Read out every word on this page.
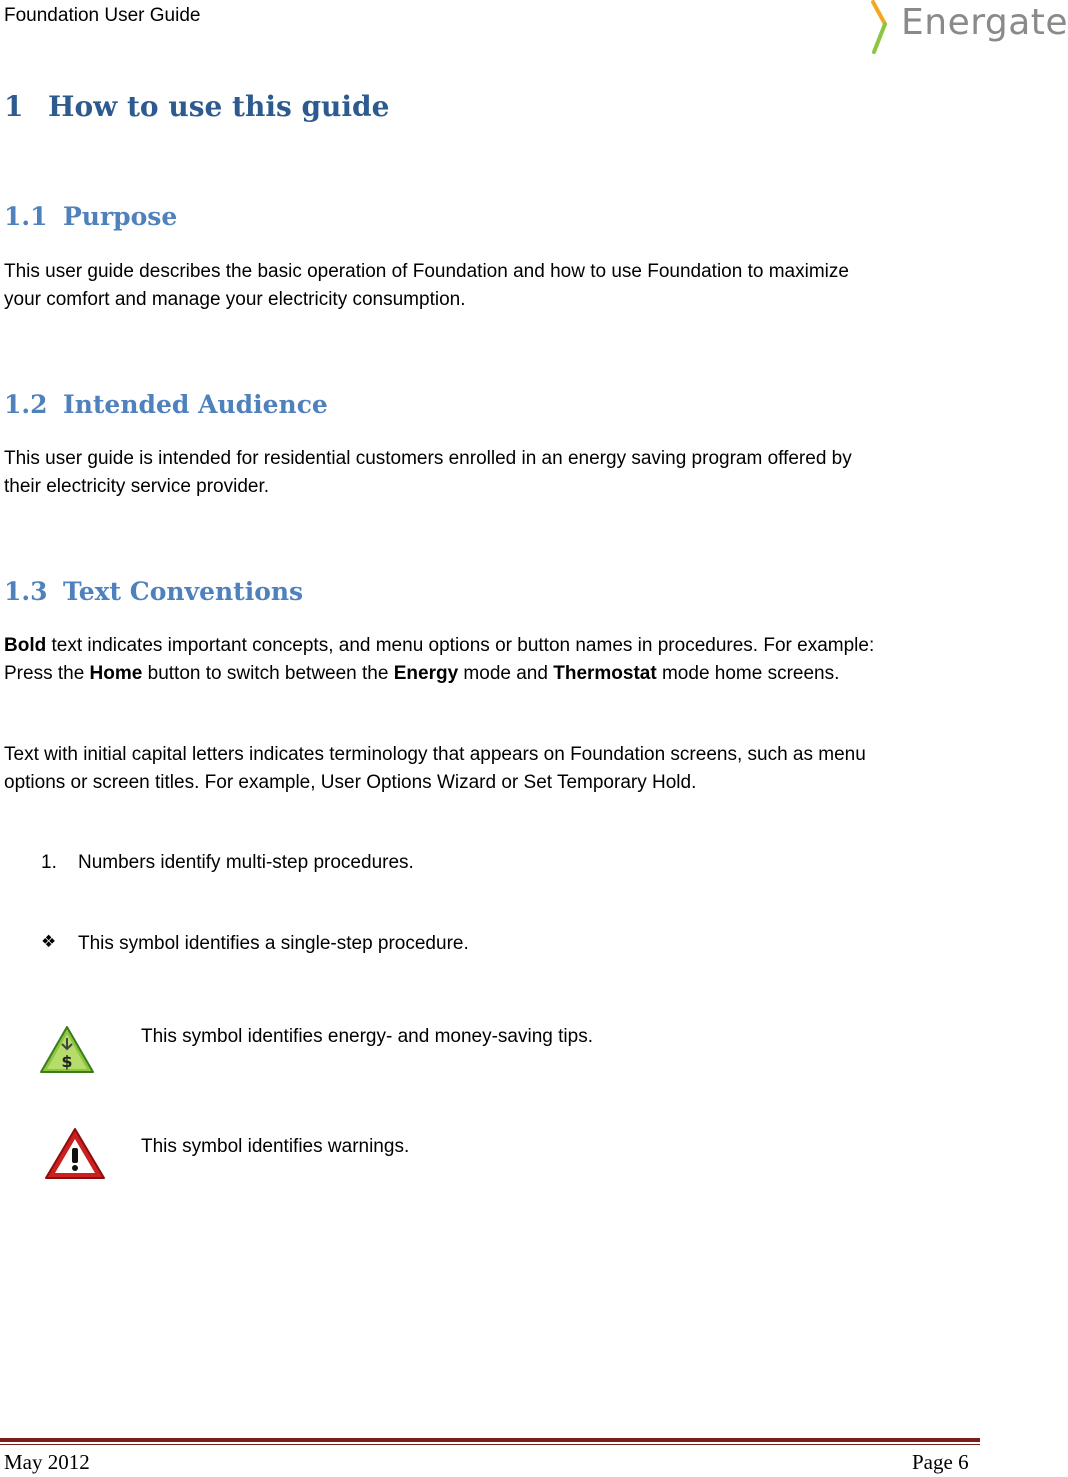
Foundation User Guide	Energate
1 How to use this guide
1.1 Purpose
This user guide describes the basic operation of Foundation and how to use Foundation to maximize
your comfort and manage your electricity consumption.
1.2 Intended Audience
This user guide is intended for residential customers enrolled in an energy saving program offered by
their electricity service provider.
1.3 Text Conventions
Bold text indicates important concepts, and menu options or button names in procedures. For example:
Press the Home button to switch between the Energy mode and Thermostat mode home screens.
Text with initial capital letters indicates terminology that appears on Foundation screens, such as menu
options or screen titles. For example, User Options Wizard or Set Temporary Hold.
1. Numbers identify multi-step procedures.
❖ This symbol identifies a single-step procedure.
$
This symbol identifies energy- and money-saving tips.
This symbol identifies warnings.
May 2012	Page 6
